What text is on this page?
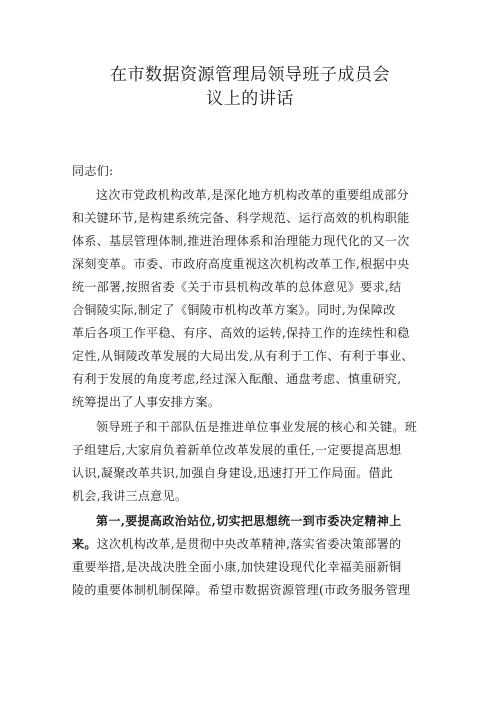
在市数据资源管理局领导班子成员会
议上的讲话
同志们:
这次市党政机构改革,是深化地方机构改革的重要组成部分
和关键环节,是构建系统完备、科学规范、运行高效的机构职能
体系、基层管理体制,推进治理体系和治理能力现代化的又一次
深刻变革。市委、市政府高度重视这次机构改革工作,根据中央
统一部署,按照省委《关于市县机构改革的总体意见》要求,结
合铜陵实际,制定了《铜陵市机构改革方案》。同时,为保障改
革后各项工作平稳、有序、高效的运转,保持工作的连续性和稳
定性,从铜陵改革发展的大局出发,从有利于工作、有利于事业、
有利于发展的角度考虑,经过深入酝酿、通盘考虑、慎重研究,
统筹提出了人事安排方案。
领导班子和干部队伍是推进单位事业发展的核心和关键。班
子组建后,大家肩负着新单位改革发展的重任,一定要提高思想
认识,凝聚改革共识,加强自身建设,迅速打开工作局面。借此
机会,我讲三点意见。
第一,要提高政治站位,切实把思想统一到市委决定精神上
来。这次机构改革,是贯彻中央改革精神,落实省委决策部署的
重要举措,是决战决胜全面小康,加快建设现代化幸福美丽新铜
陵的重要体制机制保障。希望市数据资源管理(市政务服务管理
